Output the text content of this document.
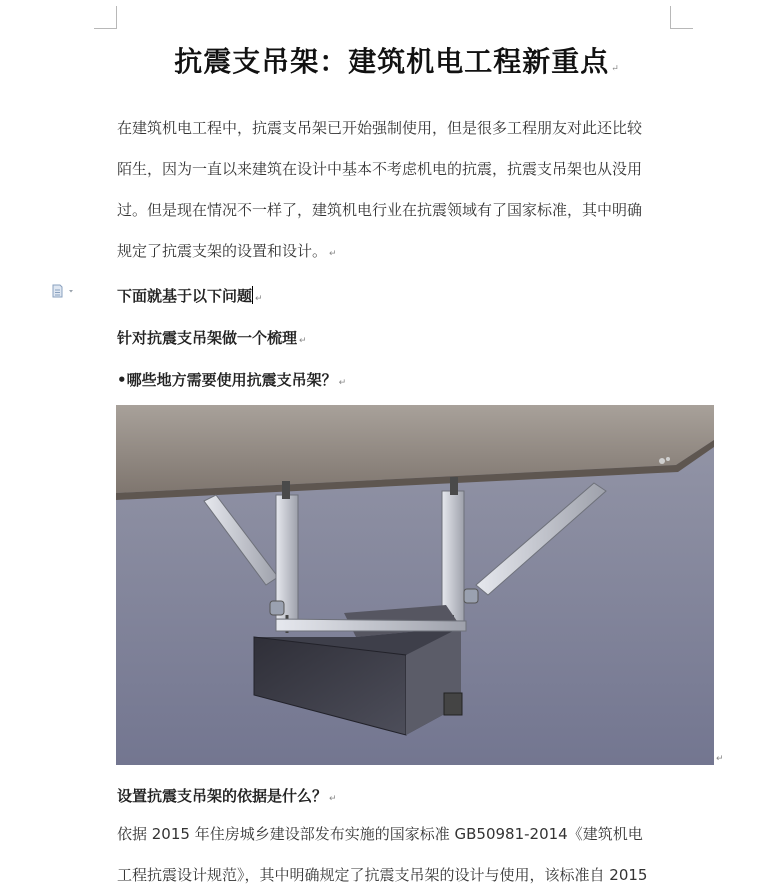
抗震支吊架：建筑机电工程新重点 ↵

在建筑机电工程中，抗震支吊架已开始强制使用，但是很多工程朋友对此还比较

陌生，因为一直以来建筑在设计中基本不考虑机电的抗震，抗震支吊架也从没用

过。但是现在情况不一样了，建筑机电行业在抗震领域有了国家标准，其中明确

规定了抗震支架的设置和设计。 ↵

下面就基于以下问题 ↵
针对抗震支吊架做一个梳理 ↵
•哪些地方需要使用抗震支吊架？ ↵
↵
设置抗震支吊架的依据是什么？ ↵

依据 2015 年住房城乡建设部发布实施的国家标准 GB50981-2014《建筑机电

工程抗震设计规范》，其中明确规定了抗震支吊架的设计与使用，该标准自 2015
